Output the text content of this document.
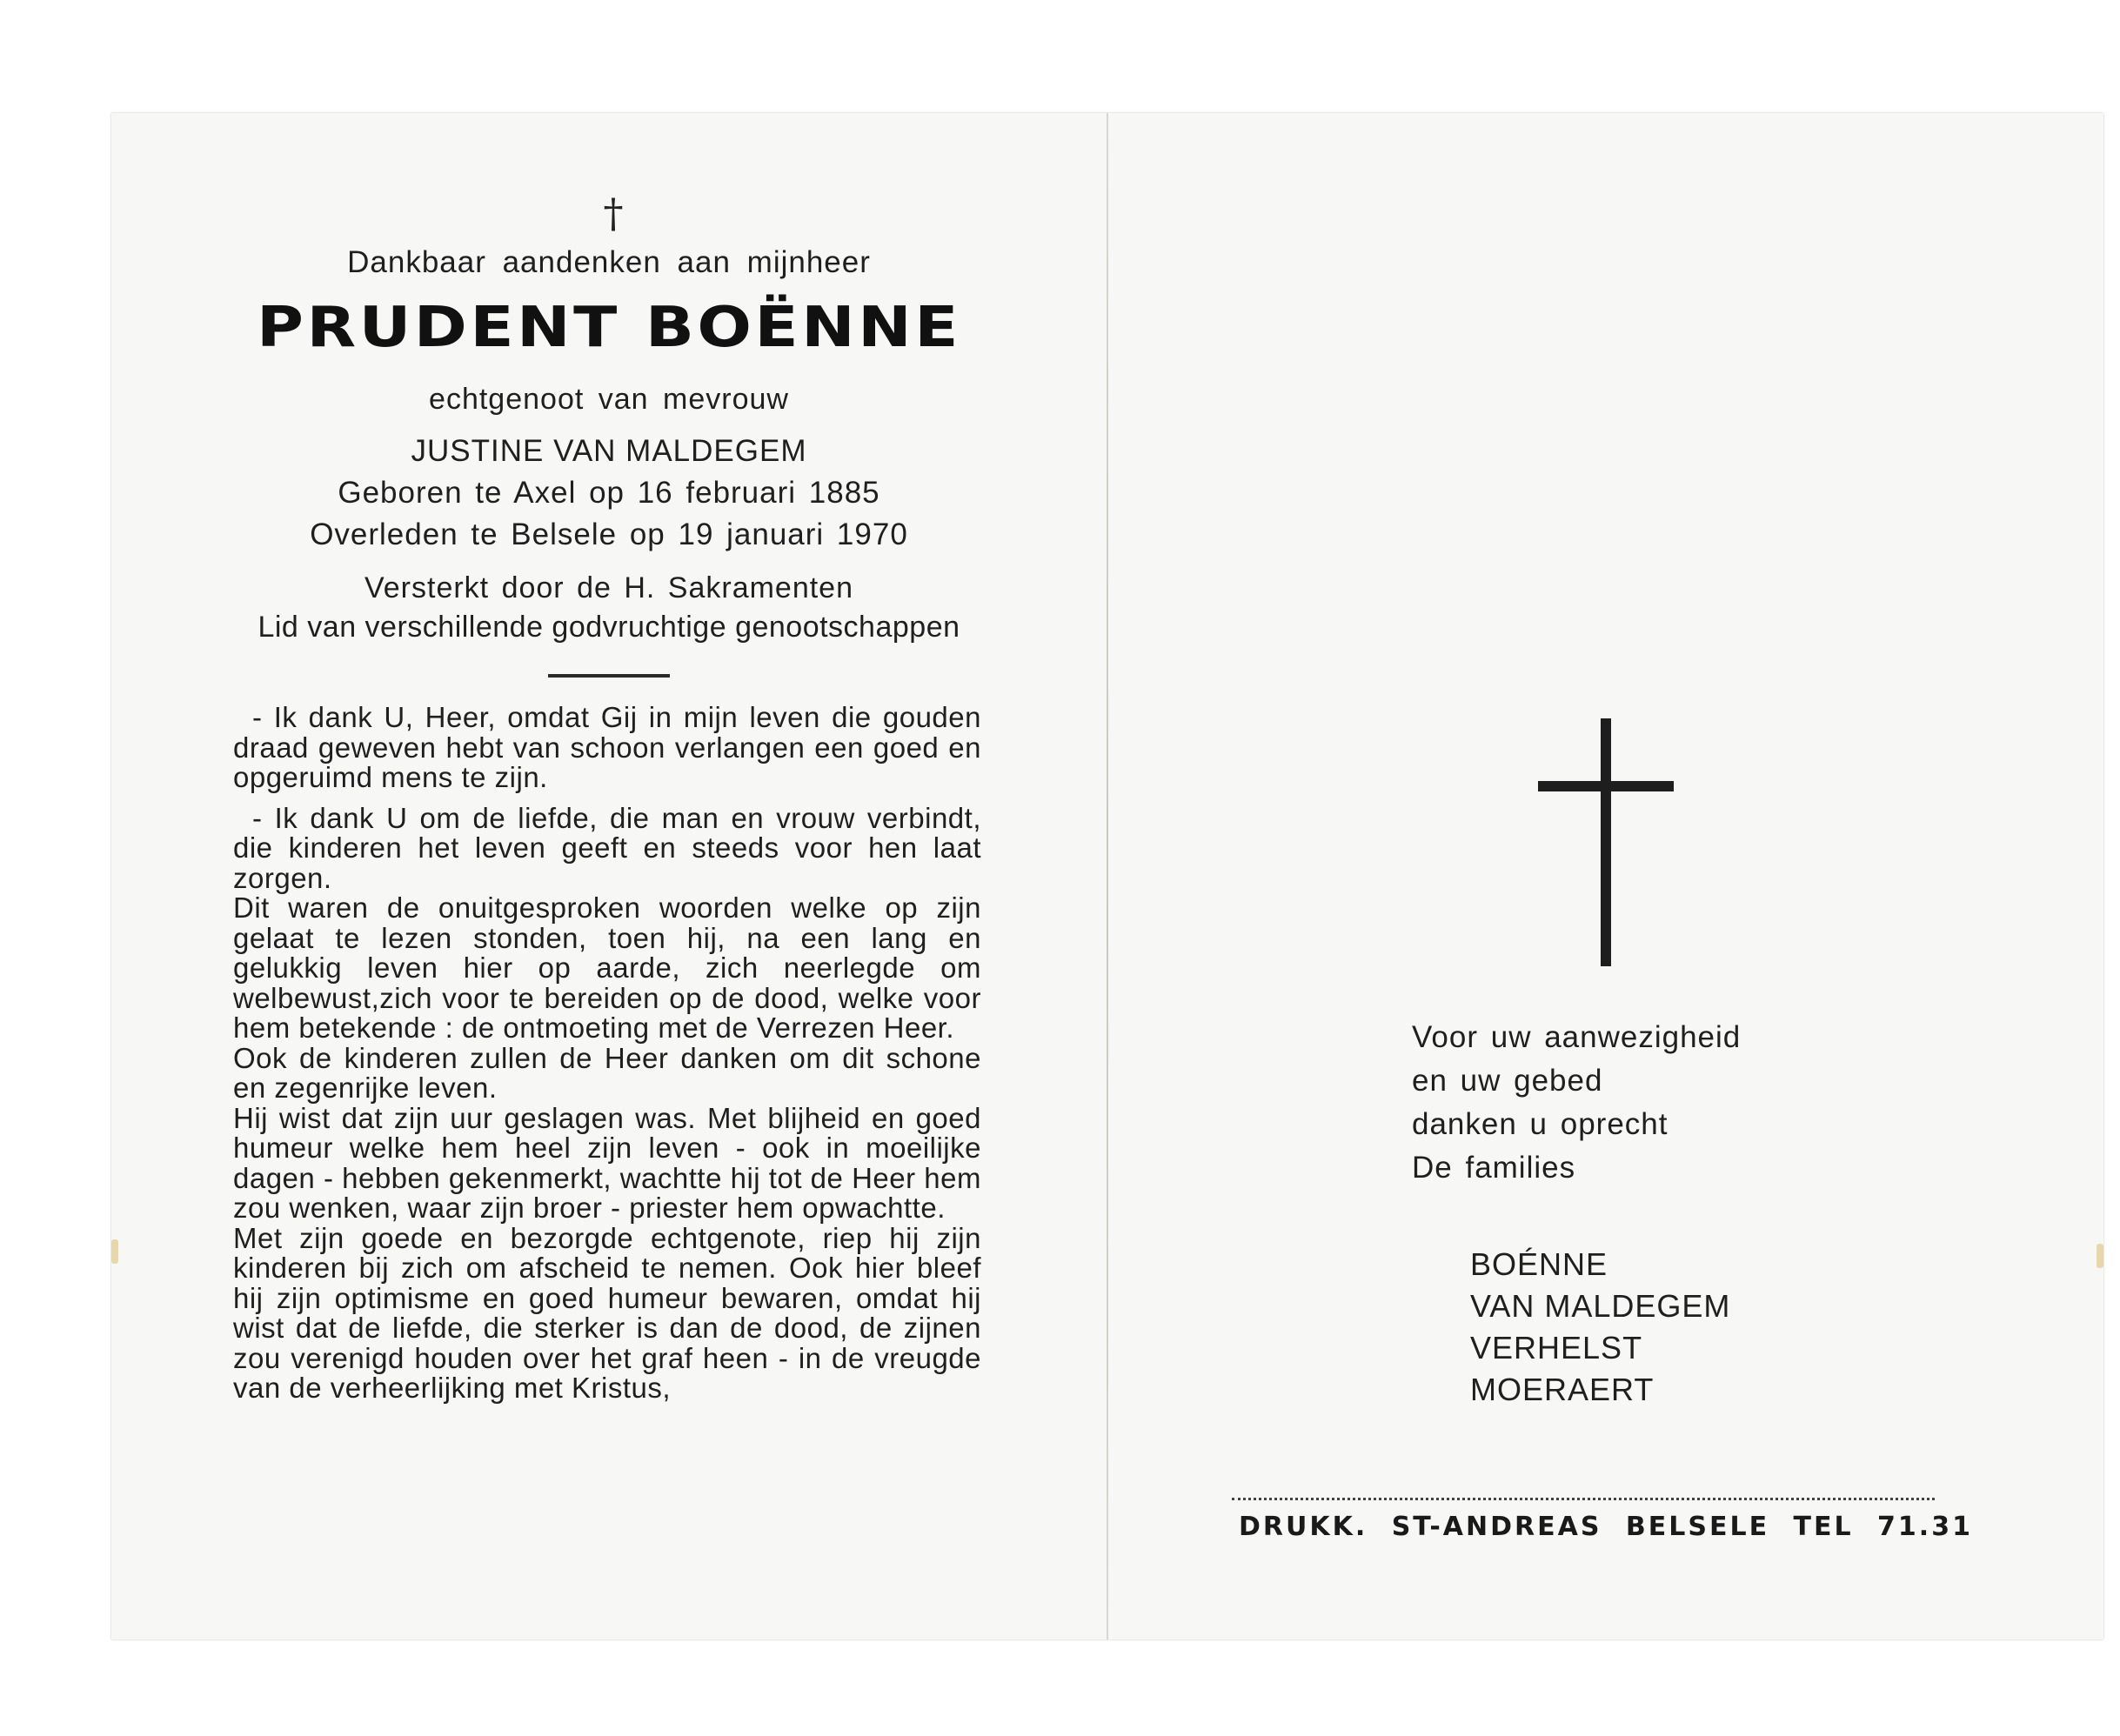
†
Dankbaar aandenken aan mijnheer
PRUDENT BOËNNE
echtgenoot van mevrouw
JUSTINE VAN MALDEGEM
Geboren te Axel op 16 februari 1885
Overleden te Belsele op 19 januari 1970
Versterkt door de H. Sakramenten
Lid van verschillende godvruchtige genootschappen

- Ik dank U, Heer, omdat Gij in mijn leven die gouden draad geweven hebt van schoon verlangen een goed en opgeruimd mens te zijn.

- Ik dank U om de liefde, die man en vrouw verbindt, die kinderen het leven geeft en steeds voor hen laat zorgen.

Dit waren de onuitgesproken woorden welke op zijn gelaat te lezen stonden, toen hij, na een lang en gelukkig leven hier op aarde, zich neerlegde om welbewust,zich voor te bereiden op de dood, welke voor hem betekende : de ontmoeting met de Verrezen Heer.

Ook de kinderen zullen de Heer danken om dit schone en zegenrijke leven.

Hij wist dat zijn uur geslagen was. Met blijheid en goed humeur welke hem heel zijn leven - ook in moeilijke dagen - hebben gekenmerkt, wachtte hij tot de Heer hem zou wenken, waar zijn broer - priester hem opwachtte.

Met zijn goede en bezorgde echtgenote, riep hij zijn kinderen bij zich om afscheid te nemen. Ook hier bleef hij zijn optimisme en goed humeur bewaren, omdat hij wist dat de liefde, die sterker is dan de dood, de zijnen zou verenigd houden over het graf heen - in de vreugde van de verheerlijking met Kristus,

Voor uw aanwezigheid
en uw gebed
danken u oprecht
De families
BOÉNNE
VAN MALDEGEM
VERHELST
MOERAERT
DRUKK. ST-ANDREAS BELSELE TEL 71.31
